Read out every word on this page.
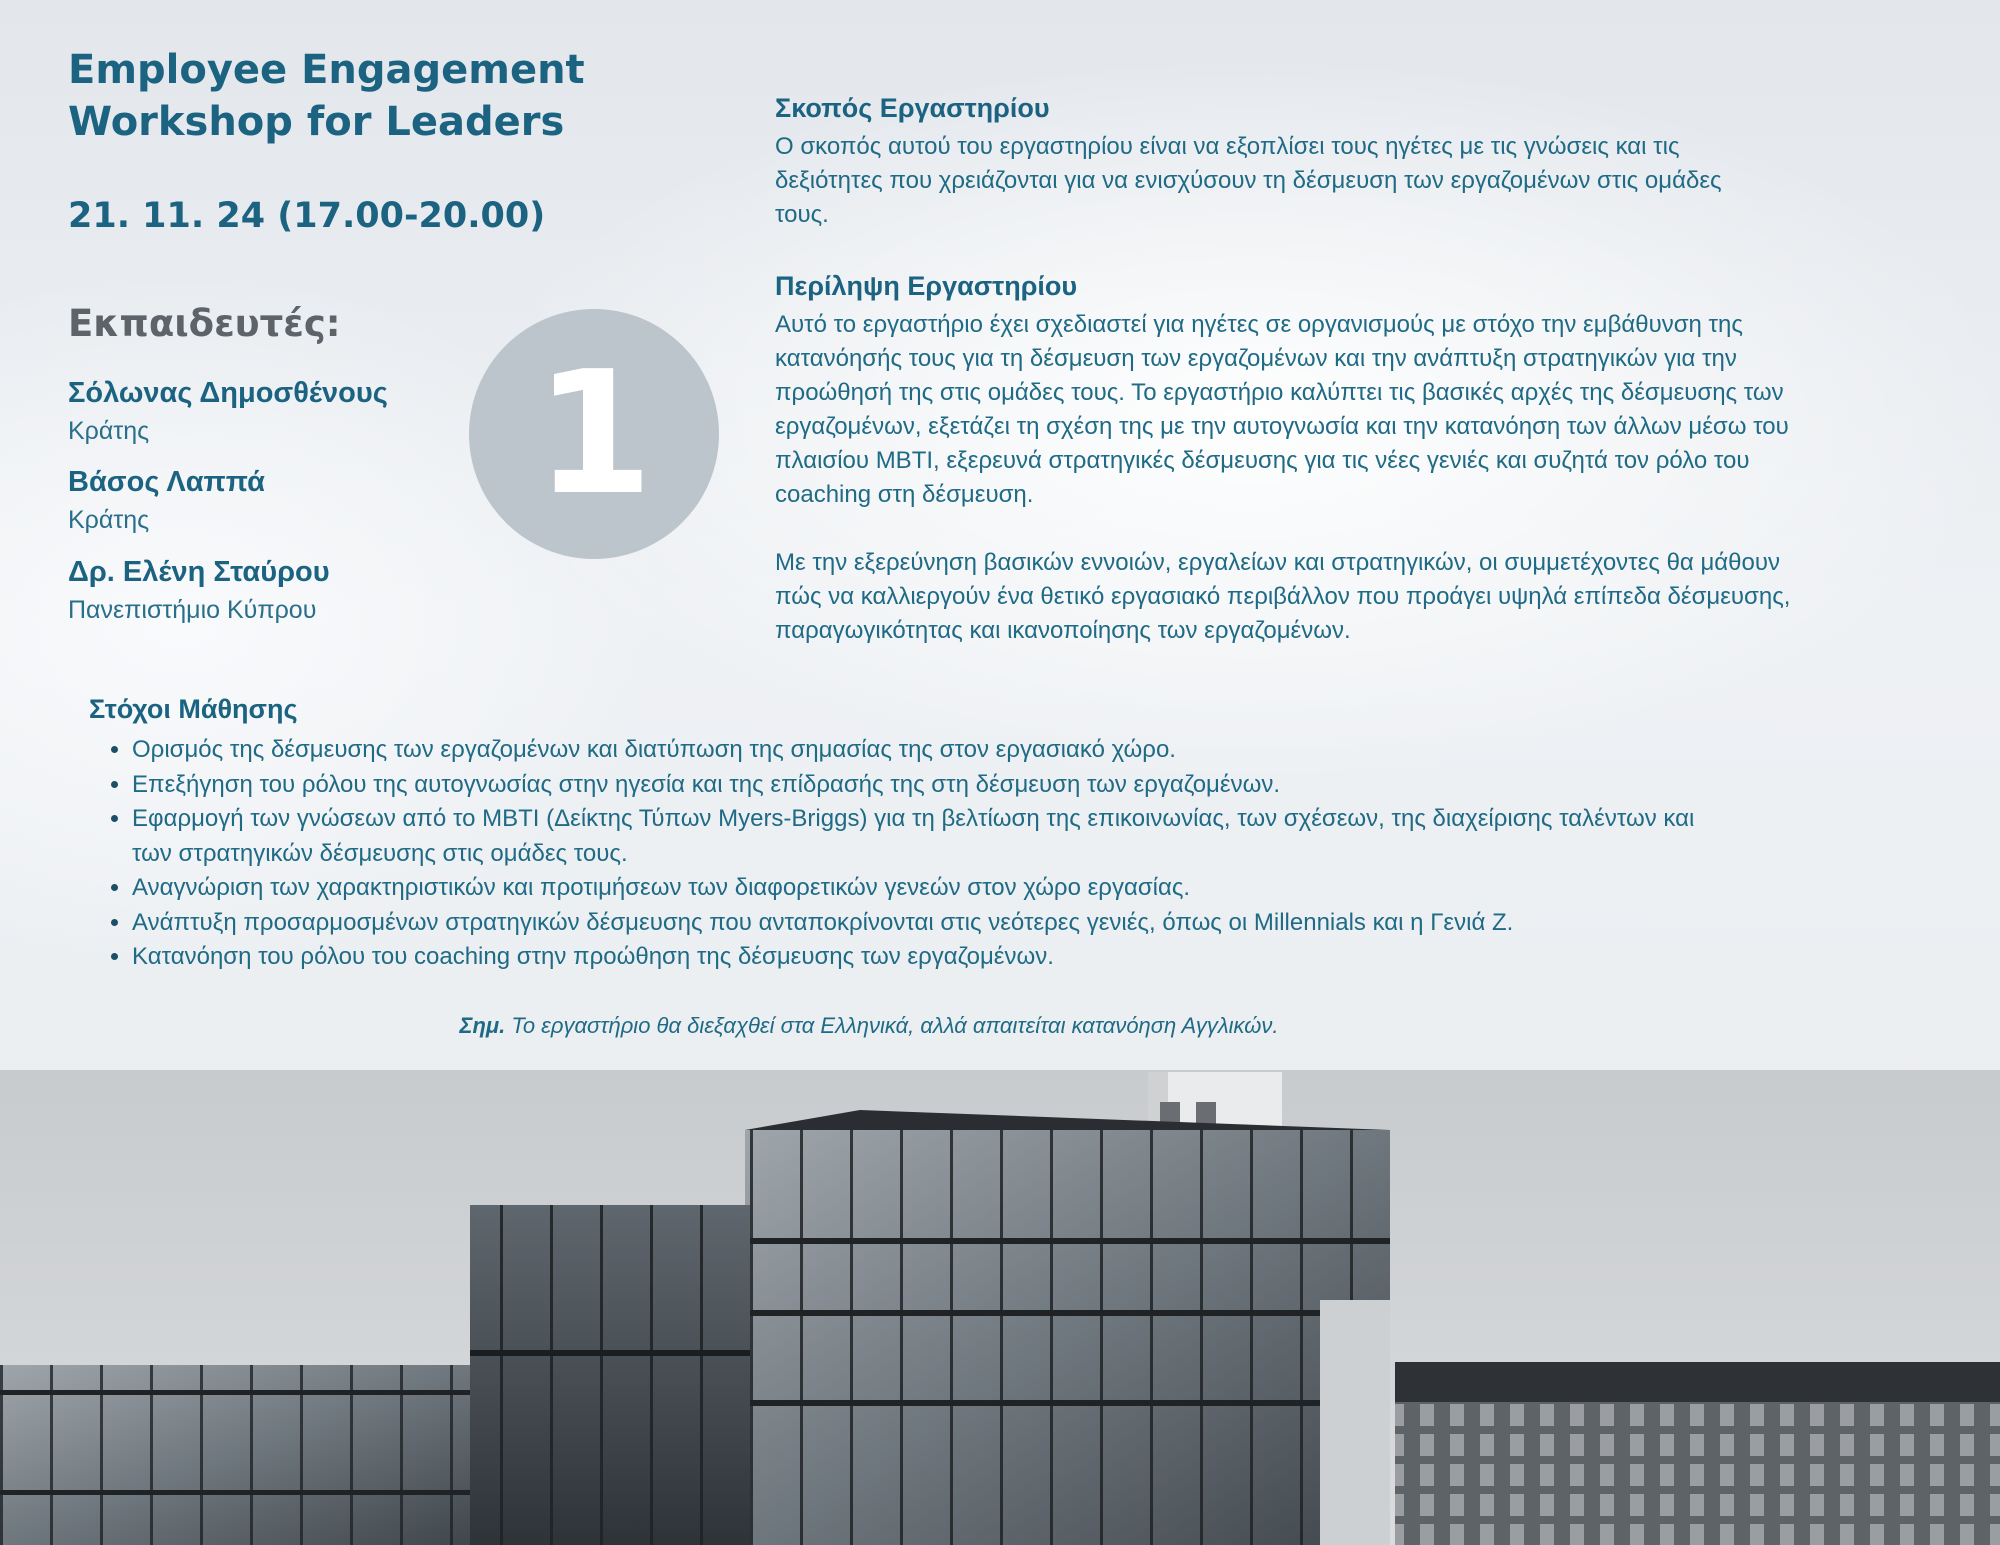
Employee Engagement
Workshop for Leaders
21. 11. 24 (17.00-20.00)
Εκπαιδευτές:
Σόλωνας Δημοσθένους
Κράτης
Βάσος Λαππά
Κράτης
Δρ. Ελένη Σταύρου
Πανεπιστήμιο Κύπρου
1
Σκοπός Εργαστηρίου
Ο σκοπός αυτού του εργαστηρίου είναι να εξοπλίσει τους ηγέτες με τις γνώσεις και τις
δεξιότητες που χρειάζονται για να ενισχύσουν τη δέσμευση των εργαζομένων στις ομάδες
τους.
Περίληψη Εργαστηρίου
Αυτό το εργαστήριο έχει σχεδιαστεί για ηγέτες σε οργανισμούς με στόχο την εμβάθυνση της
κατανόησής τους για τη δέσμευση των εργαζομένων και την ανάπτυξη στρατηγικών για την
προώθησή της στις ομάδες τους. Το εργαστήριο καλύπτει τις βασικές αρχές της δέσμευσης των
εργαζομένων, εξετάζει τη σχέση της με την αυτογνωσία και την κατανόηση των άλλων μέσω του
πλαισίου MBTI, εξερευνά στρατηγικές δέσμευσης για τις νέες γενιές και συζητά τον ρόλο του
coaching στη δέσμευση.
Με την εξερεύνηση βασικών εννοιών, εργαλείων και στρατηγικών, οι συμμετέχοντες θα μάθουν
πώς να καλλιεργούν ένα θετικό εργασιακό περιβάλλον που προάγει υψηλά επίπεδα δέσμευσης,
παραγωγικότητας και ικανοποίησης των εργαζομένων.
Στόχοι Μάθησης
• Ορισμός της δέσμευσης των εργαζομένων και διατύπωση της σημασίας της στον εργασιακό χώρο.
• Επεξήγηση του ρόλου της αυτογνωσίας στην ηγεσία και της επίδρασής της στη δέσμευση των εργαζομένων.
• Εφαρμογή των γνώσεων από το MBTI (Δείκτης Τύπων Myers-Briggs) για τη βελτίωση της επικοινωνίας, των σχέσεων, της διαχείρισης ταλέντων και
των στρατηγικών δέσμευσης στις ομάδες τους.
• Αναγνώριση των χαρακτηριστικών και προτιμήσεων των διαφορετικών γενεών στον χώρο εργασίας.
• Ανάπτυξη προσαρμοσμένων στρατηγικών δέσμευσης που ανταποκρίνονται στις νεότερες γενιές, όπως οι Millennials και η Γενιά Z.
• Κατανόηση του ρόλου του coaching στην προώθηση της δέσμευσης των εργαζομένων.
Σημ. Το εργαστήριο θα διεξαχθεί στα Ελληνικά, αλλά απαιτείται κατανόηση Αγγλικών.
